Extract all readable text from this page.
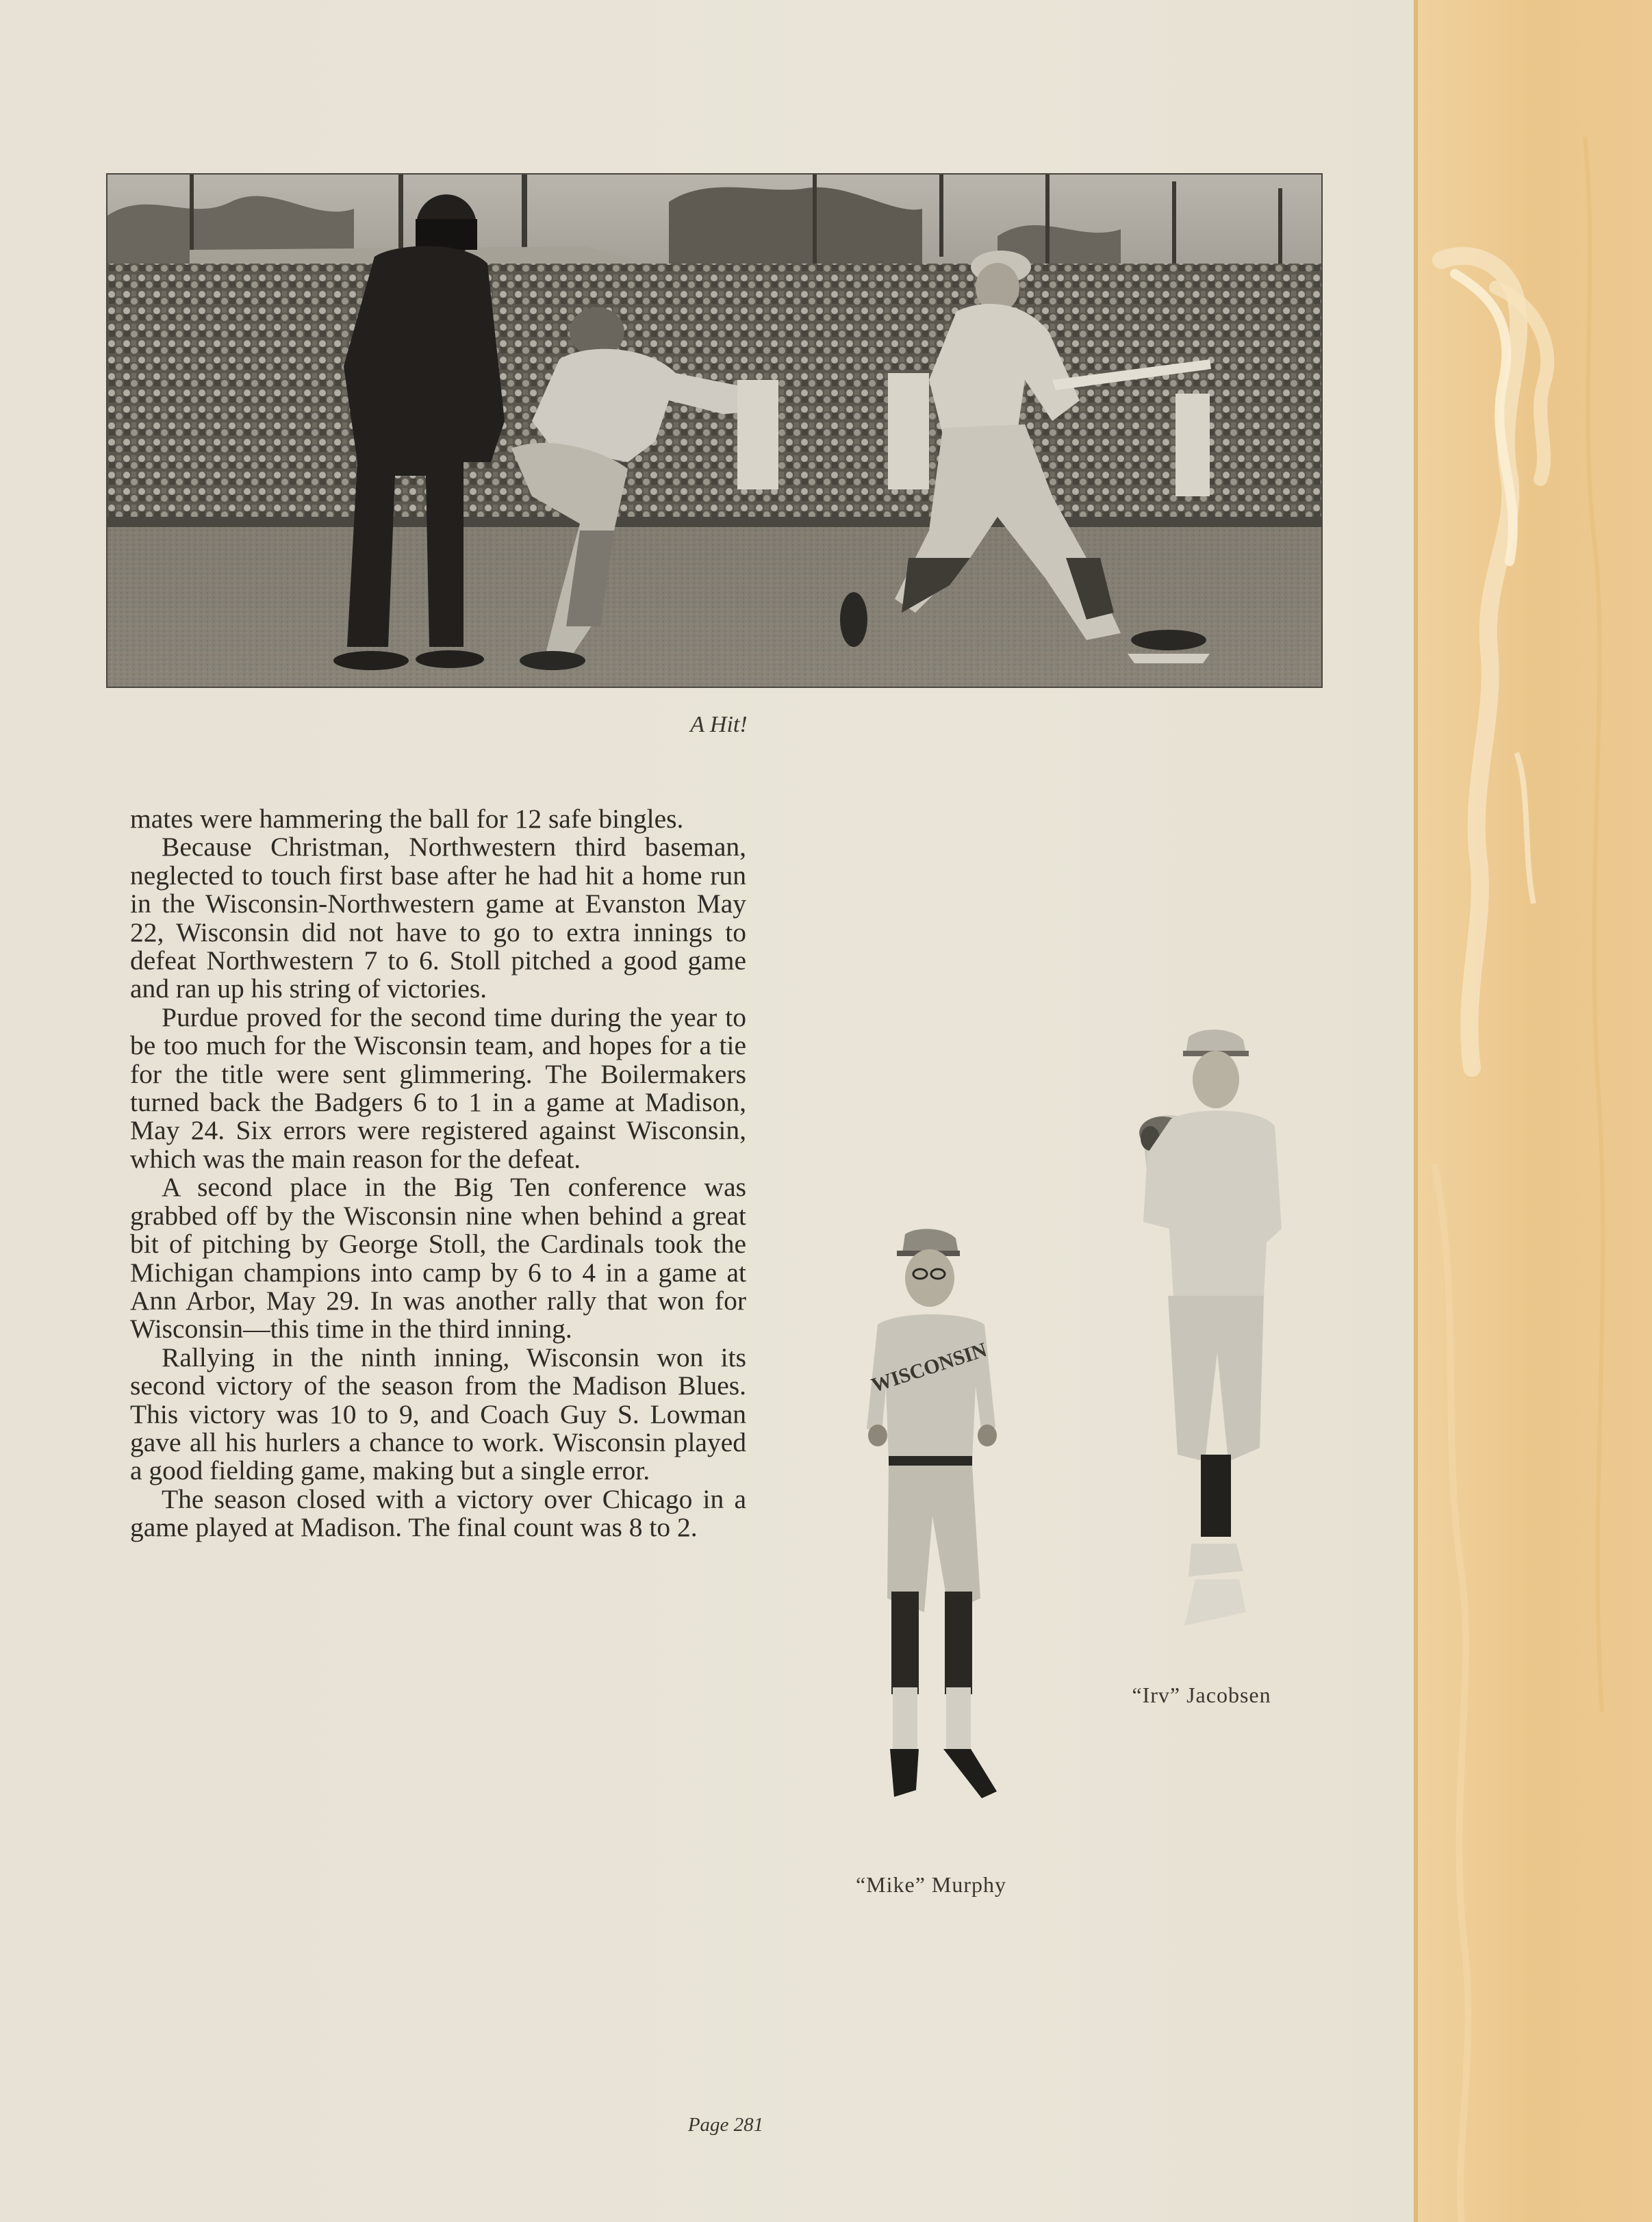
A Hit!

mates were hammering the ball for 12 safe bingles.

Because Christman, Northwestern third baseman, neglected to touch first base after he had hit a home run in the Wisconsin-Northwestern game at Evanston May 22, Wisconsin did not have to go to extra innings to defeat Northwestern 7 to 6. Stoll pitched a good game and ran up his string of victories.

Purdue proved for the second time during the year to be too much for the Wisconsin team, and hopes for a tie for the title were sent glimmering. The Boilermakers turned back the Badgers 6 to 1 in a game at Madison, May 24. Six errors were registered against Wisconsin, which was the main reason for the defeat.

A second place in the Big Ten conference was grabbed off by the Wisconsin nine when behind a great bit of pitching by George Stoll, the Cardinals took the Michigan champions into camp by 6 to 4 in a game at Ann Arbor, May 29. In was another rally that won for Wisconsin—this time in the third inning.

Rallying in the ninth inning, Wisconsin won its second victory of the season from the Madison Blues. This victory was 10 to 9, and Coach Guy S. Lowman gave all his hurlers a chance to work. Wisconsin played a good fielding game, making but a single error.

The season closed with a victory over Chicago in a game played at Madison. The final count was 8 to 2.

WISCONSIN
“Mike” Murphy
“Irv” Jacobsen
Page 281
